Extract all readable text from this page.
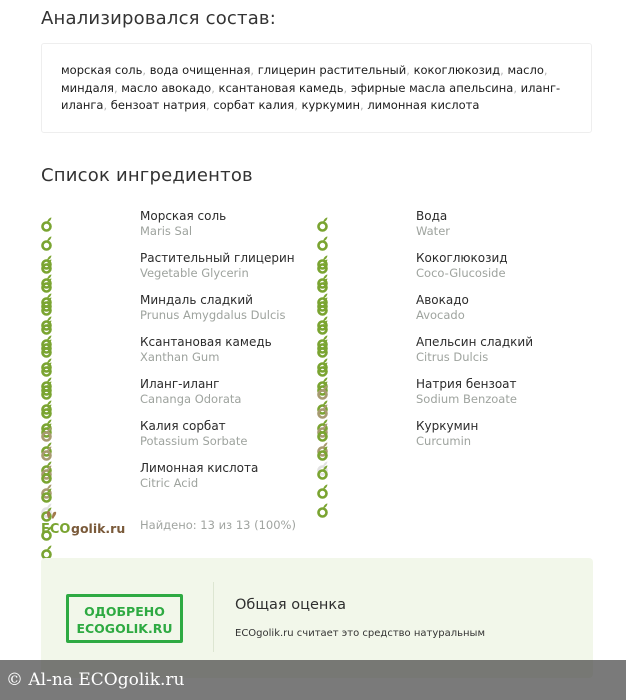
Анализировался состав:
морская соль, вода очищенная, глицерин растительный, кокоглюкозид, масло, миндаля, масло авокадо, ксантановая камедь, эфирные масла апельсина, иланг-иланга, бензоат натрия, сорбат калия, куркумин, лимонная кислота
Список ингредиентов
Морская соль
Maris Sal
Вода
Water
Растительный глицерин
Vegetable Glycerin
Кокоглюкозид
Coco-Glucoside
Миндаль сладкий
Prunus Amygdalus Dulcis
Авокадо
Avocado
Ксантановая камедь
Xanthan Gum
Апельсин сладкий
Citrus Dulcis
Иланг-иланг
Cananga Odorata
Натрия бензоат
Sodium Benzoate
Калия сорбат
Potassium Sorbate
Куркумин
Curcumin
Лимонная кислота
Citric Acid
ECO golik.ru Найдено: 13 из 13 (100%)
ОДОБРЕНО
ECOGOLIK.RU
Общая оценка
ECOgolik.ru считает это средство натуральным
© Al-na ECOgolik.ru
